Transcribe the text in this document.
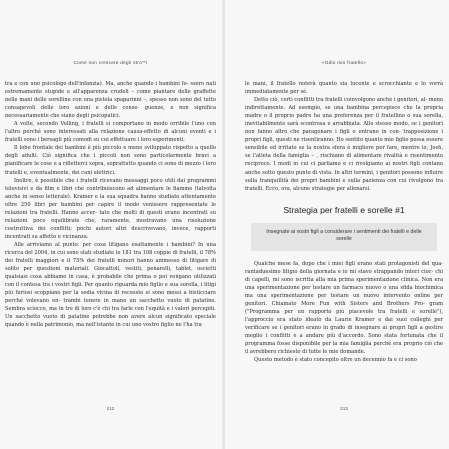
Come non crescere degli stro**i

tra e con uno psicologo dell'infanzia). Ma, anche quando i bambini fo- ssero nati estremamente stupide e all'apparenza crudeli – come piantare delle graffette nelle mani delle sorelline con una pistola spaparinni –, spesso non sono del tutto consapevoli delle loro azioni e delle conse- guenze, e non significa necessariamente che siano degli psicopatici.

A volte, secondo Volling, i fratelli si comportano in modo orribile l'uno con l'altro perché sono interessati alla relazione causa-effetto di alcuni eventi e i fratelli sono i bersagli più comodi su cui effettuare i loro esperimenti.

Il lobo frontale dei bambini è più piccolo e meno sviluppato rispetto a quello degli adulti. Ciò significa che i piccoli non sono particolarmente bravi a pianificare le cose e a rifletterci sopra, soprattutto quando ci sono di mezzo i loro fratelli e, eventualmente, dei cani elettrici.

Inoltre, è possibile che i fratelli ricevano messaggi poco utili dai programmi televisivi e da film e libri che contribuiscono ad alimentare le fiamme (talvolta anche in senso letterale). Kramer e la sua squadra hanno studiato attentamente oltre 250 libri per bambini per capire il modo venissero rappresentate le relazioni tra fratelli. Hanno accer- tato che molti di questi erano incentrati su relazioni poco equilibrate che, raramente, mostravano una risoluzione costruttiva dei conflitti; pochi autori altri descrivevano, invece, rapporti incentrati su affetto e vicinanza.

Alle arriviamo al punto: per cosa litigano esattamente i bambini? In una ricerca del 2004, in cui sono stati studiate le 181 tra 108 coppie di fratelli, il 78% dei fratelli maggiori e il 75% dei fratelli minori hanno ammesso di litigare di solito per questioni materiali. Giocattoli, vestiti, penarelli, tablet, oscietti qualsiasi cosa abbiamo in casa, è probabile che prima o poi vengano utilizzati con il contesa tra i vostri figli. Per quanto riguarda mio figlio e sua sorella, i litigi più furiosi scoppiano per la sedia vicina di recesste si sono messi a bisticciare perché volevano en- trambi tenere in mano un sacchetto vuoto di patatine. Sembra sciocco, ma in tre di loro c'è chi tra farle con l'equità e i valori percepiti. Un sacchetto vuoto di patatine potrebbe non avere alcun significato speciale quando è nella patrimonio, ma nell'istante in cui uno vostro figlio ne l'ha tra

212
«Odio mio fratello»

le mani, il fratello noterà quanto sia lucente e scrocchiante e lo vorrà immediatamente per sé.

Detto ciò, certi conflitti tra fratelli coinvolgono anche i genitori, al- meno indirettamente. Ad esempio, se una bambina percepisce che la propria madre o il proprio padre ha una preferenza per il fratellino o sua sorella, inevitabilmente sarà scontrosa e arrabbiata. Allo stesso modo, se i genitori non fanno altro che paragonare i figli o entrano in con- trapposizione i propri figli, questi ne risentiranno. Ho sentito quanto mio figlio possa essere sensibile ed irritato se la nostra sfera è migliore per fare, mentre io, Josh, se l'atleta della famiglia – , rischiano di alimentare rivalità e risentimento reciproco. I modi in cui ci parliamo e ci rivolgiamo ai nostri figli contano anche sotto questo punto di vista. In altri termini, i genitori possono influire sulla tranquillità dei propri bambini e sulla pazienza con cui rivolgono tra fratelli. Ecco, ora, alcune strategie per allenarsi.

Strategia per fratelli e sorelle #1
Insegnate ai vostri figli a considerare i sentimenti dei fratelli e delle sorelle

Qualche mese fa, dopo che i miei figli erano stati protagonisti del qua- rantaduesimo litigio della giornata e io mi stavo strappando interi cioc- chi di capelli, mi sono iscritta alla mia prima sperimentazione clinica. Non era una sperimentazione per testare un farmaco nuovo o una sfida biochimica ma una sperimentazione per testare un nuovo intervento online per genitori. Chiamato More Fun with Sisters and Brothers Pro- gram ("Programma per un rapporto più piacevole tra fratelli e sorelle"), l'approccio era stato ideato da Laurie Kramer e dai suoi colleghi per verificare se i genitori erano in grado di insegnare ai propri figli a gestire meglio i conflitti e a andare più d'accordo. Sono stata fortunata che il programma fosse disponibile per la mia famiglia perché era proprio ciò che il avrebbero richiesto di tutte le mie domande.

Questo metodo è stato concepito oltre un decennio fa e ci sono

213
